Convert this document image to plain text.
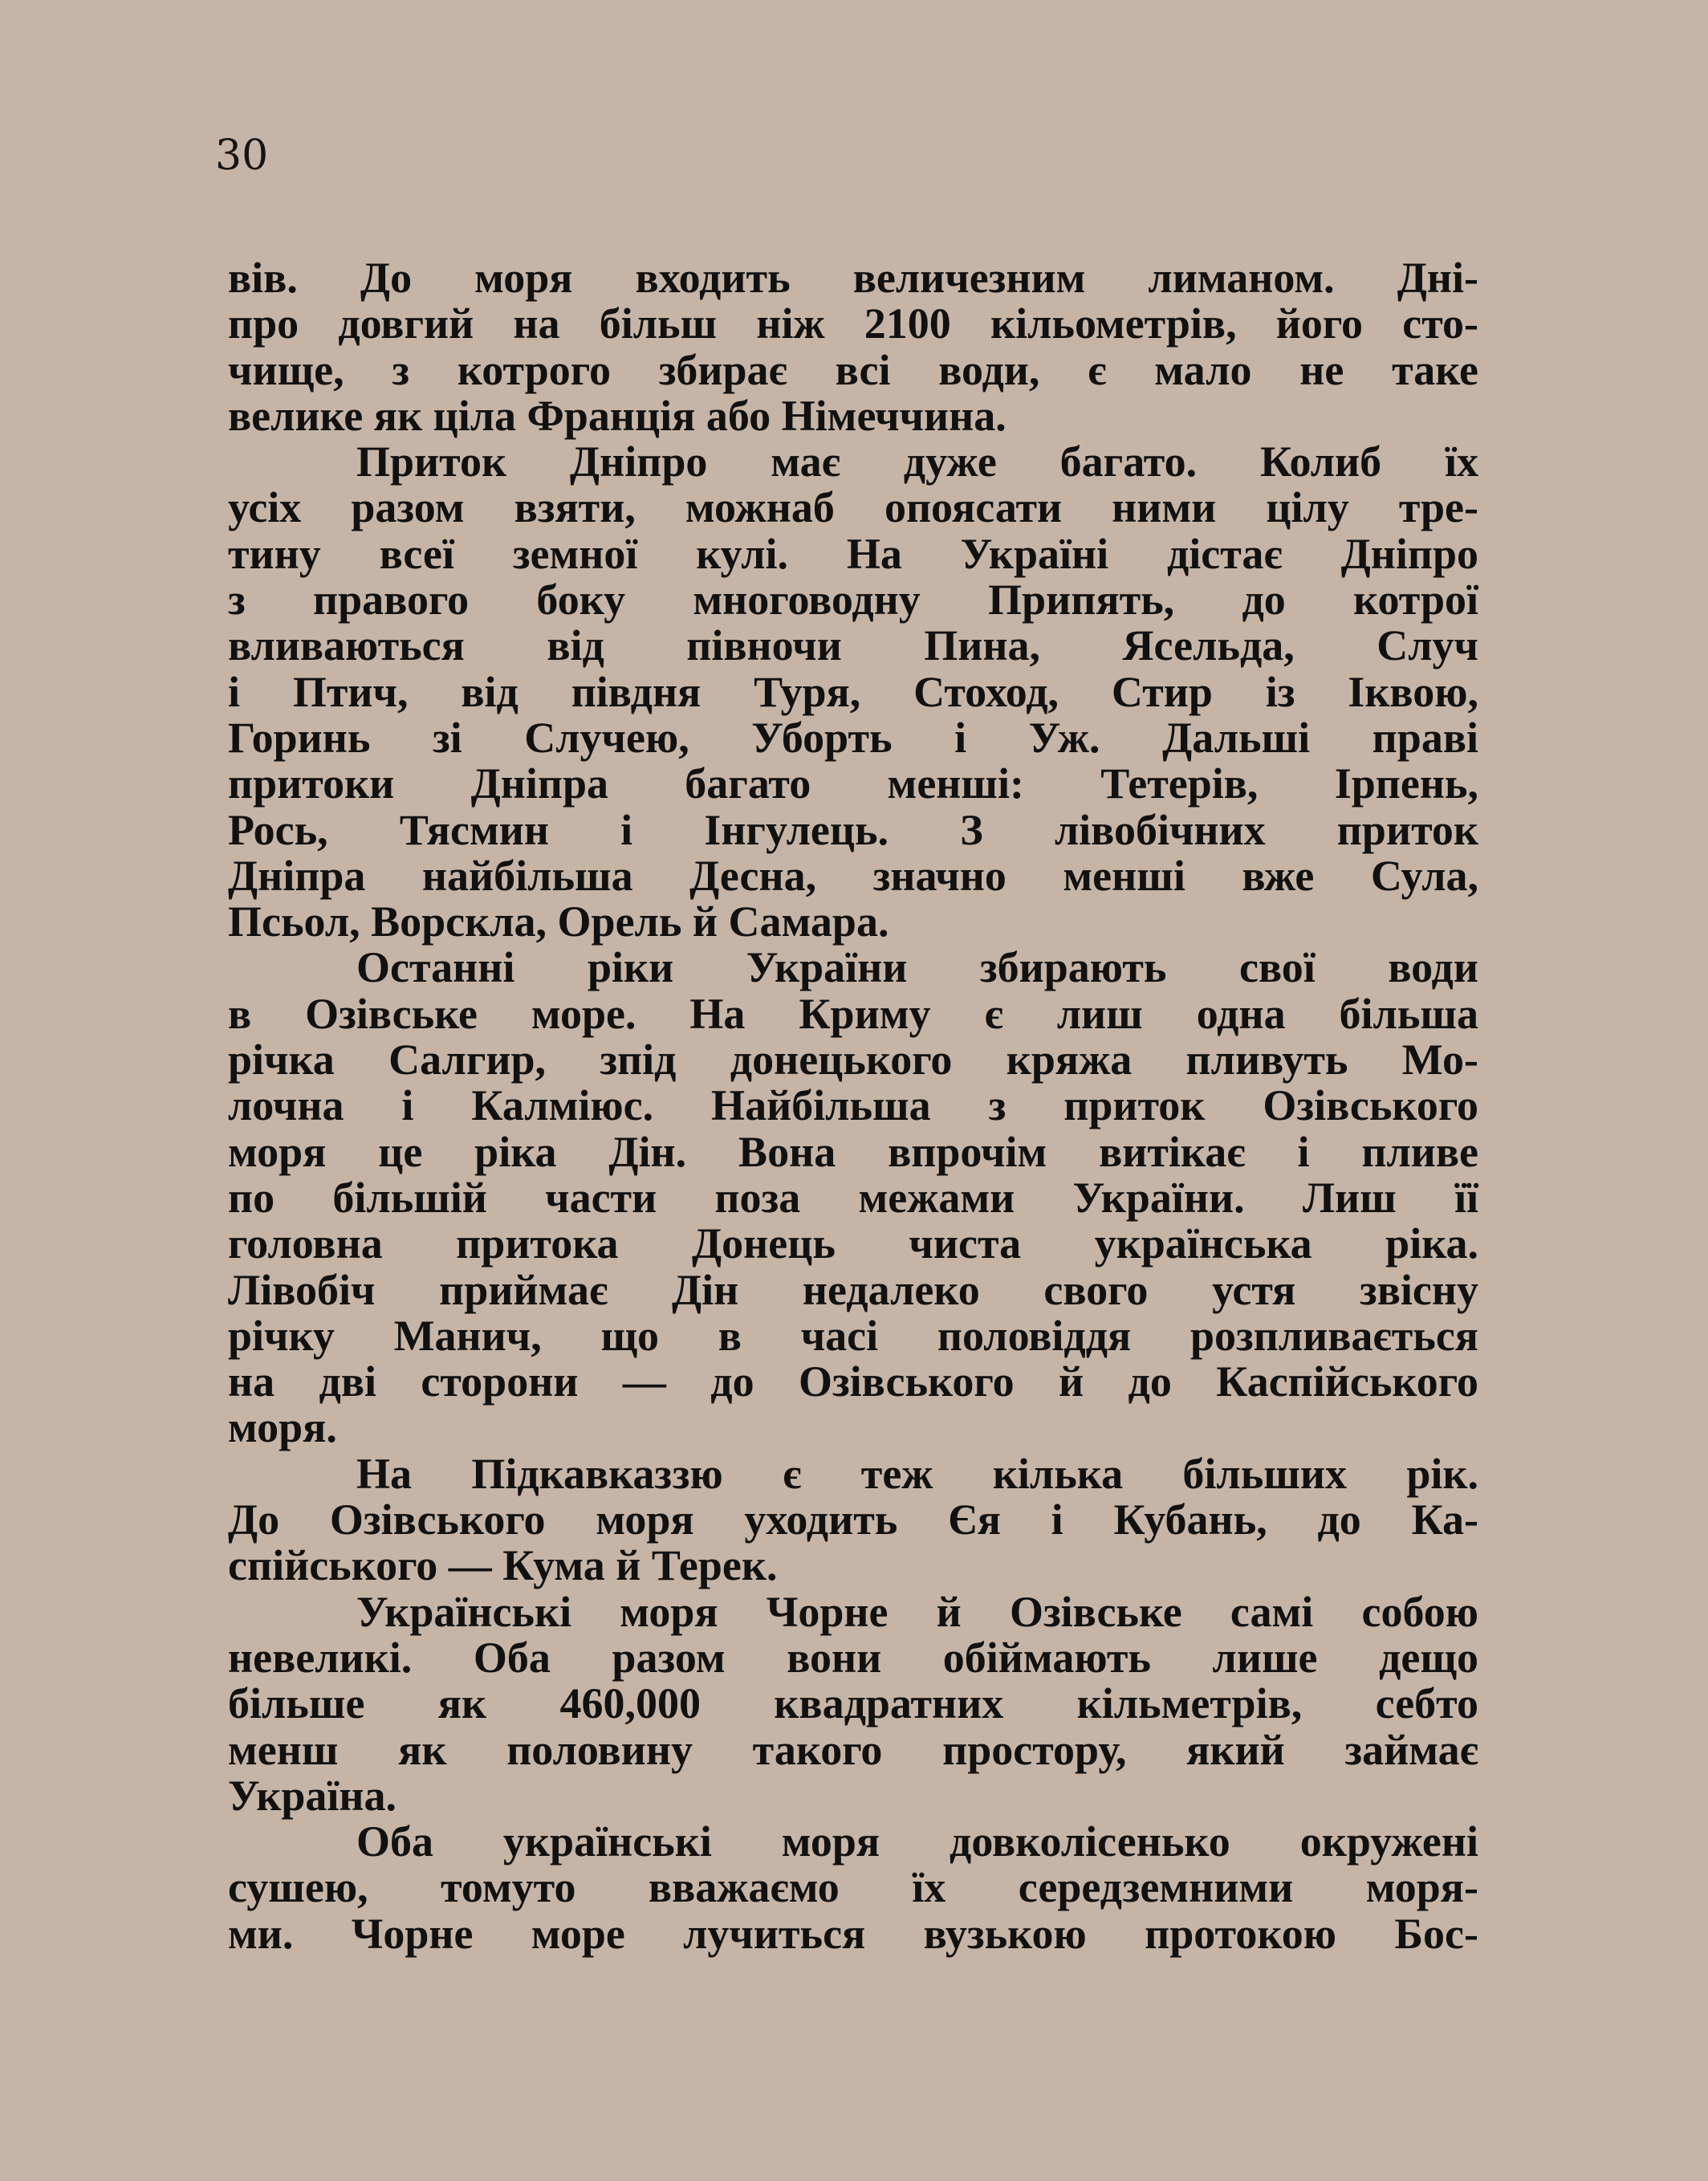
30
вів. До моря входить величезним лиманом. Дні-
про довгий на більш ніж 2100 кільометрів, його сто-
чище, з котрого збирає всі води, є мало не таке
велике як ціла Франція або Німеччина.
Приток Дніпро має дуже багато. Колиб їх
усіх разом взяти, можнаб опоясати ними цілу тре-
тину всеї земної кулі. На Україні дістає Дніпро
з правого боку многоводну Припять, до котрої
вливаються від півночи Пина, Ясельда, Случ
і Птич, від півдня Туря, Стоход, Стир із Іквою,
Горинь зі Случею, Уборть і Уж. Дальші праві
притоки Дніпра багато менші: Тетерів, Ірпень,
Рось, Тясмин і Інгулець. З лівобічних приток
Дніпра найбільша Десна, значно менші вже Сула,
Псьол, Ворскла, Орель й Самара.
Останні ріки України збирають свої води
в Озівське море. На Криму є лиш одна більша
річка Салгир, зпід донецького кряжа пливуть Мо-
лочна і Калміюс. Найбільша з приток Озівського
моря це ріка Дін. Вона впрочім витікає і пливе
по більшій части поза межами України. Лиш її
головна притока Донець чиста українська ріка.
Лівобіч приймає Дін недалеко свого устя звісну
річку Манич, що в часі половіддя розпливається
на дві сторони — до Озівського й до Каспійського
моря.
На Підкавказзю є теж кілька більших рік.
До Озівського моря уходить Єя і Кубань, до Ка-
спійського — Кума й Терек.
Українські моря Чорне й Озівське самі собою
невеликі. Оба разом вони обіймають лише дещо
більше як 460,000 квадратних кільметрів, себто
менш як половину такого простору, який займає
Україна.
Оба українські моря довколісенько окружені
сушею, томуто вважаємо їх середземними моря-
ми. Чорне море лучиться вузькою протокою Бос-
